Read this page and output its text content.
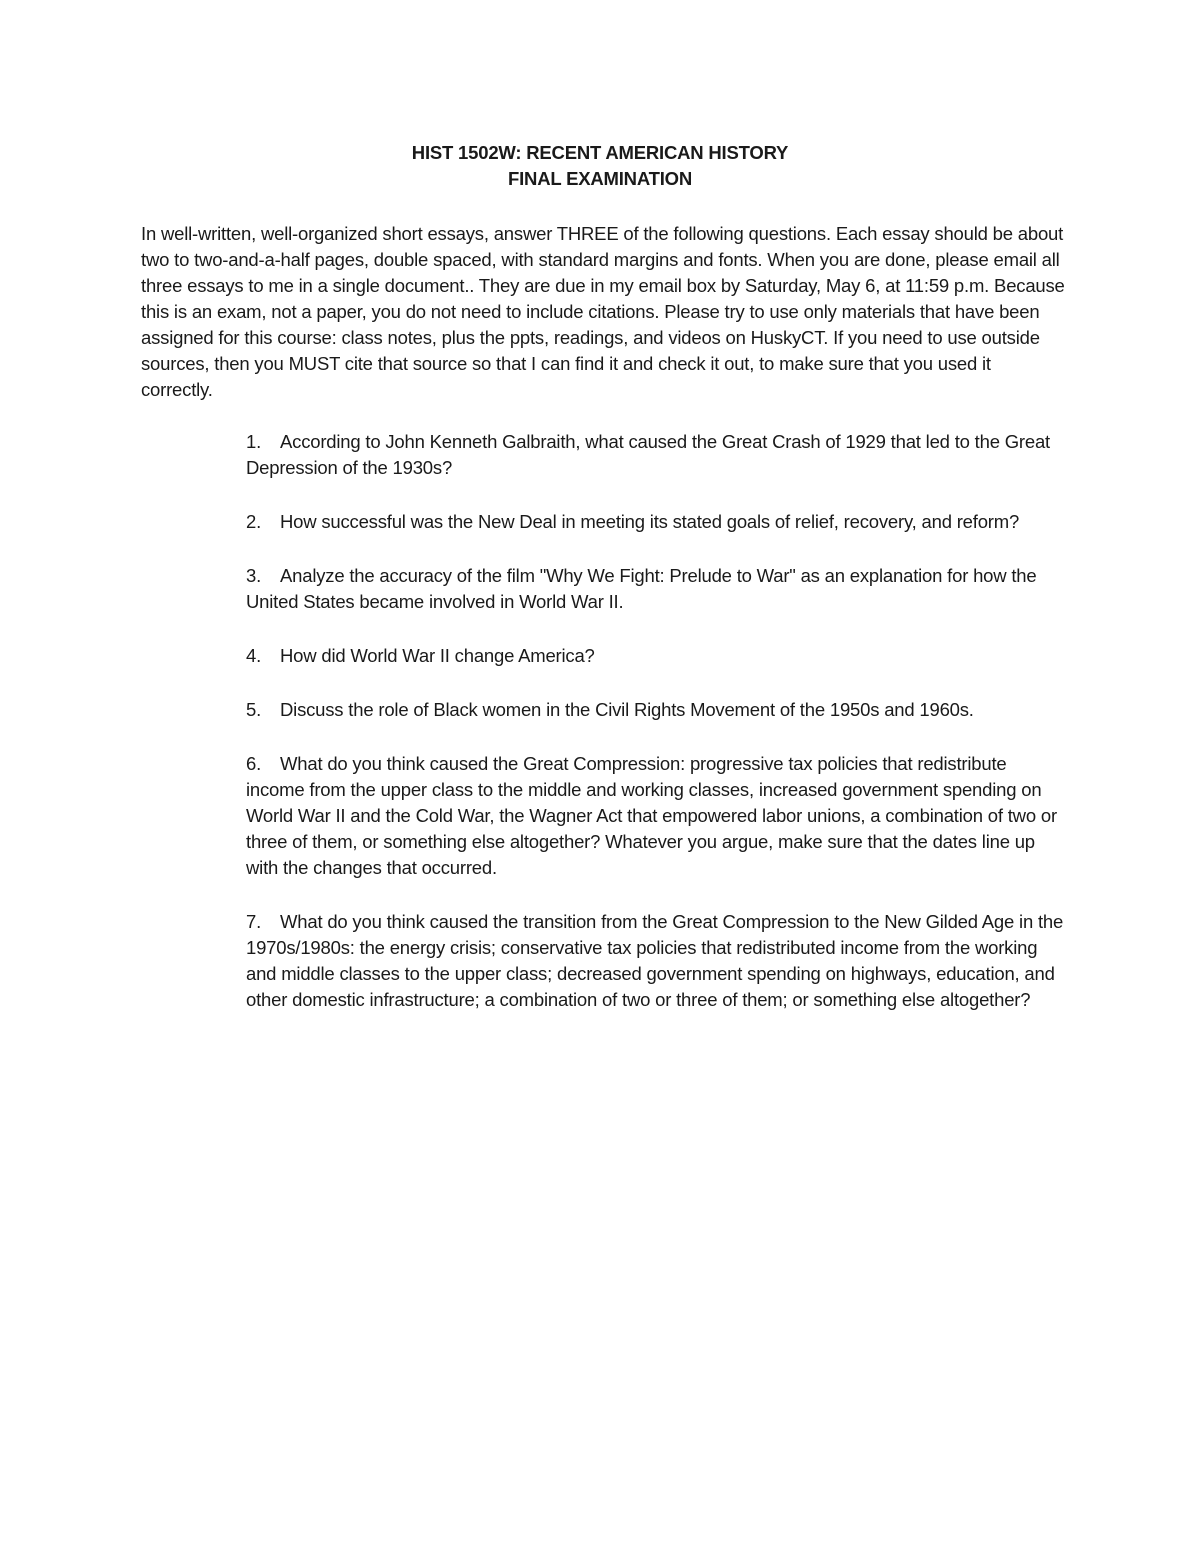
HIST 1502W: RECENT AMERICAN HISTORY
FINAL EXAMINATION

In well-written, well-organized short essays, answer THREE of the following questions. Each essay should be about two to two-and-a-half pages, double spaced, with standard margins and fonts. When you are done, please email all three essays to me in a single document.. They are due in my email box by Saturday, May 6, at 11:59 p.m. Because this is an exam, not a paper, you do not need to include citations. Please try to use only materials that have been assigned for this course: class notes, plus the ppts, readings, and videos on HuskyCT. If you need to use outside sources, then you MUST cite that source so that I can find it and check it out, to make sure that you used it correctly.

1. According to John Kenneth Galbraith, what caused the Great Crash of 1929 that led to the Great Depression of the 1930s?
2. How successful was the New Deal in meeting its stated goals of relief, recovery, and reform?
3. Analyze the accuracy of the film "Why We Fight: Prelude to War" as an explanation for how the United States became involved in World War II.
4. How did World War II change America?
5. Discuss the role of Black women in the Civil Rights Movement of the 1950s and 1960s.
6. What do you think caused the Great Compression: progressive tax policies that redistribute income from the upper class to the middle and working classes, increased government spending on World War II and the Cold War, the Wagner Act that empowered labor unions, a combination of two or three of them, or something else altogether? Whatever you argue, make sure that the dates line up with the changes that occurred.
7. What do you think caused the transition from the Great Compression to the New Gilded Age in the 1970s/1980s: the energy crisis; conservative tax policies that redistributed income from the working and middle classes to the upper class; decreased government spending on highways, education, and other domestic infrastructure; a combination of two or three of them; or something else altogether?
